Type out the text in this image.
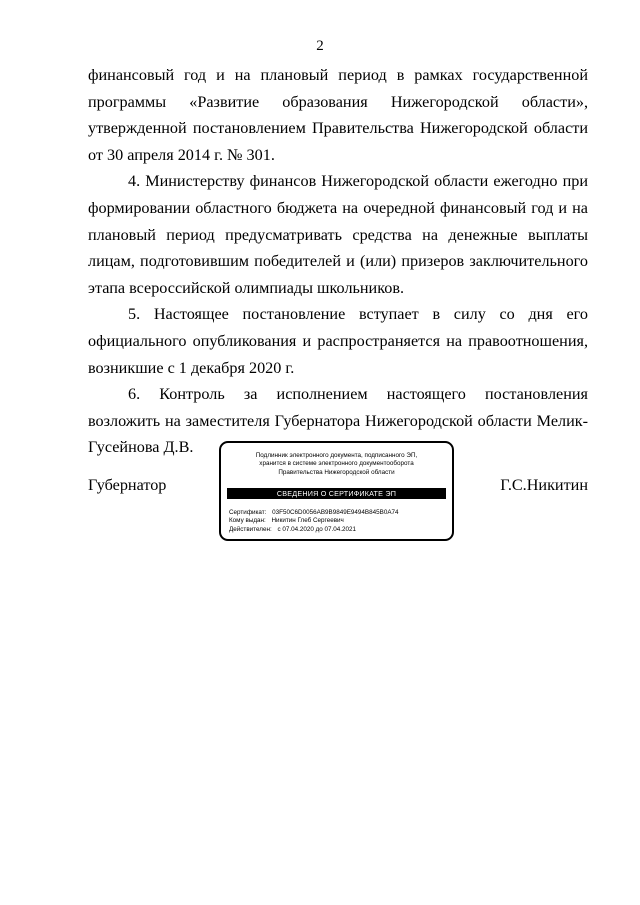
2

финансовый год и на плановый период в рамках государственной программы «Развитие образования Нижегородской области», утвержденной постановлением Правительства Нижегородской области от 30 апреля 2014 г. № 301.

4. Министерству финансов Нижегородской области ежегодно при формировании областного бюджета на очередной финансовый год и на плановый период предусматривать средства на денежные выплаты лицам, подготовившим победителей и (или) призеров заключительного этапа всероссийской олимпиады школьников.

5. Настоящее постановление вступает в силу со дня его официального опубликования и распространяется на правоотношения, возникшие с 1 декабря 2020 г.

6. Контроль за исполнением настоящего постановления возложить на заместителя Губернатора Нижегородской области Мелик-Гусейнова Д.В.

Губернатор	Г.С.Никитин
Подлинник электронного документа, подписанного ЭП,
хранится в системе электронного документооборота
Правительства Нижегородской области
СВЕДЕНИЯ О СЕРТИФИКАТЕ ЭП
Сертификат: 03F50C6D0056AB9B9849E9494B845B0A74
Кому выдан: Никитин Глеб Сергеевич
Действителен: с 07.04.2020 до 07.04.2021
